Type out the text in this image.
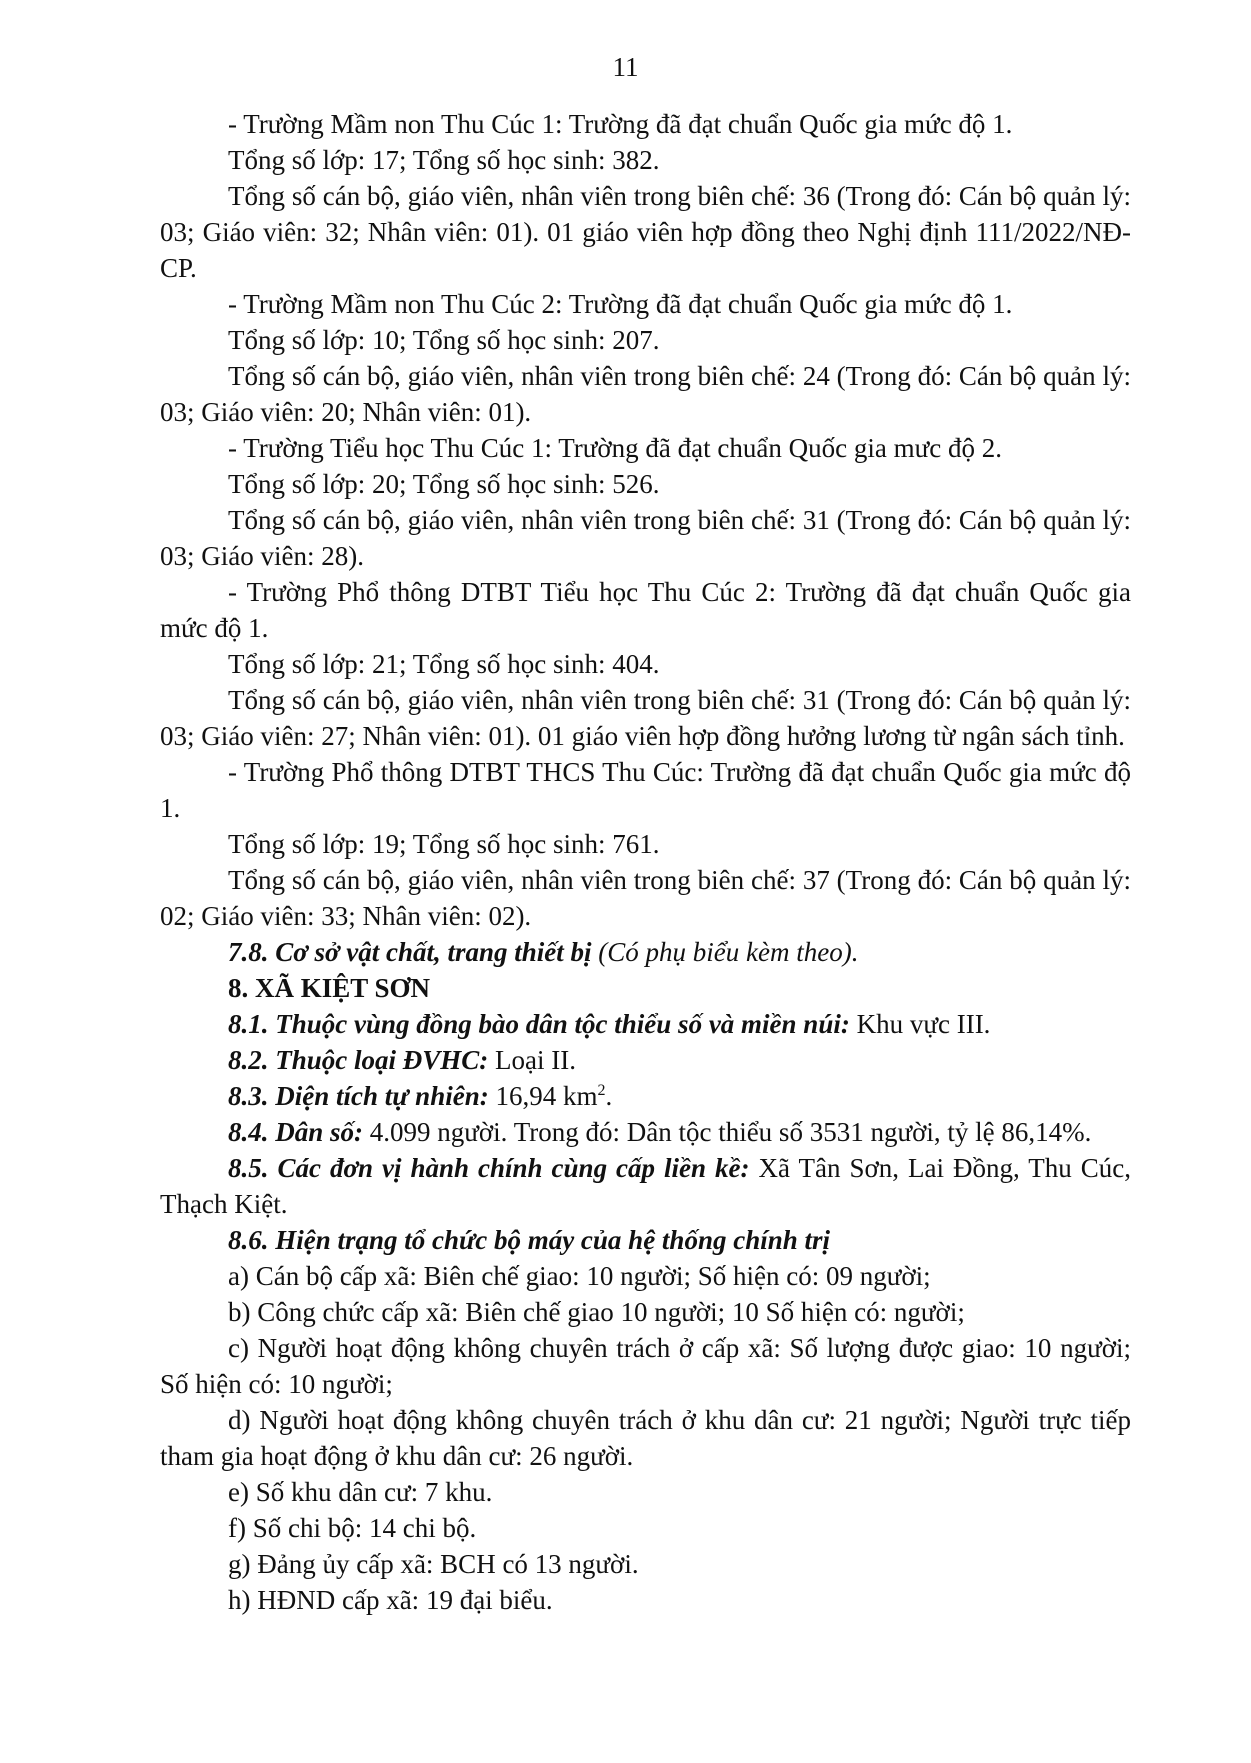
11

- Trường Mầm non Thu Cúc 1: Trường đã đạt chuẩn Quốc gia mức độ 1.

Tổng số lớp: 17; Tổng số học sinh: 382.

Tổng số cán bộ, giáo viên, nhân viên trong biên chế: 36 (Trong đó: Cán bộ quản lý: 03; Giáo viên: 32; Nhân viên: 01). 01 giáo viên hợp đồng theo Nghị định 111/2022/NĐ-CP.

- Trường Mầm non Thu Cúc 2: Trường đã đạt chuẩn Quốc gia mức độ 1.

Tổng số lớp: 10; Tổng số học sinh: 207.

Tổng số cán bộ, giáo viên, nhân viên trong biên chế: 24 (Trong đó: Cán bộ quản lý: 03; Giáo viên: 20; Nhân viên: 01).

- Trường Tiểu học Thu Cúc 1: Trường đã đạt chuẩn Quốc gia mưc độ 2.

Tổng số lớp: 20; Tổng số học sinh: 526.

Tổng số cán bộ, giáo viên, nhân viên trong biên chế: 31 (Trong đó: Cán bộ quản lý: 03; Giáo viên: 28).

- Trường Phổ thông DTBT Tiểu học Thu Cúc 2: Trường đã đạt chuẩn Quốc gia mức độ 1.

Tổng số lớp: 21; Tổng số học sinh: 404.

Tổng số cán bộ, giáo viên, nhân viên trong biên chế: 31 (Trong đó: Cán bộ quản lý: 03; Giáo viên: 27; Nhân viên: 01). 01 giáo viên hợp đồng hưởng lương từ ngân sách tỉnh.

- Trường Phổ thông DTBT THCS Thu Cúc: Trường đã đạt chuẩn Quốc gia mức độ 1.

Tổng số lớp: 19; Tổng số học sinh: 761.

Tổng số cán bộ, giáo viên, nhân viên trong biên chế: 37 (Trong đó: Cán bộ quản lý: 02; Giáo viên: 33; Nhân viên: 02).

7.8. Cơ sở vật chất, trang thiết bị (Có phụ biểu kèm theo).

8. XÃ KIỆT SƠN

8.1. Thuộc vùng đồng bào dân tộc thiểu số và miền núi: Khu vực III.

8.2. Thuộc loại ĐVHC: Loại II.

8.3. Diện tích tự nhiên: 16,94 $km^2$.

8.4. Dân số: 4.099 người. Trong đó: Dân tộc thiểu số 3531 người, tỷ lệ 86,14%.

8.5. Các đơn vị hành chính cùng cấp liền kề: Xã Tân Sơn, Lai Đồng, Thu Cúc, Thạch Kiệt.

8.6. Hiện trạng tổ chức bộ máy của hệ thống chính trị

a) Cán bộ cấp xã: Biên chế giao: 10 người; Số hiện có: 09 người;

b) Công chức cấp xã: Biên chế giao 10 người; 10 Số hiện có: người;

c) Người hoạt động không chuyên trách ở cấp xã: Số lượng được giao: 10 người; Số hiện có: 10 người;

d) Người hoạt động không chuyên trách ở khu dân cư: 21 người; Người trực tiếp tham gia hoạt động ở khu dân cư: 26 người.

e) Số khu dân cư: 7 khu.

f) Số chi bộ: 14 chi bộ.

g) Đảng ủy cấp xã: BCH có 13 người.

h) HĐND cấp xã: 19 đại biểu.
